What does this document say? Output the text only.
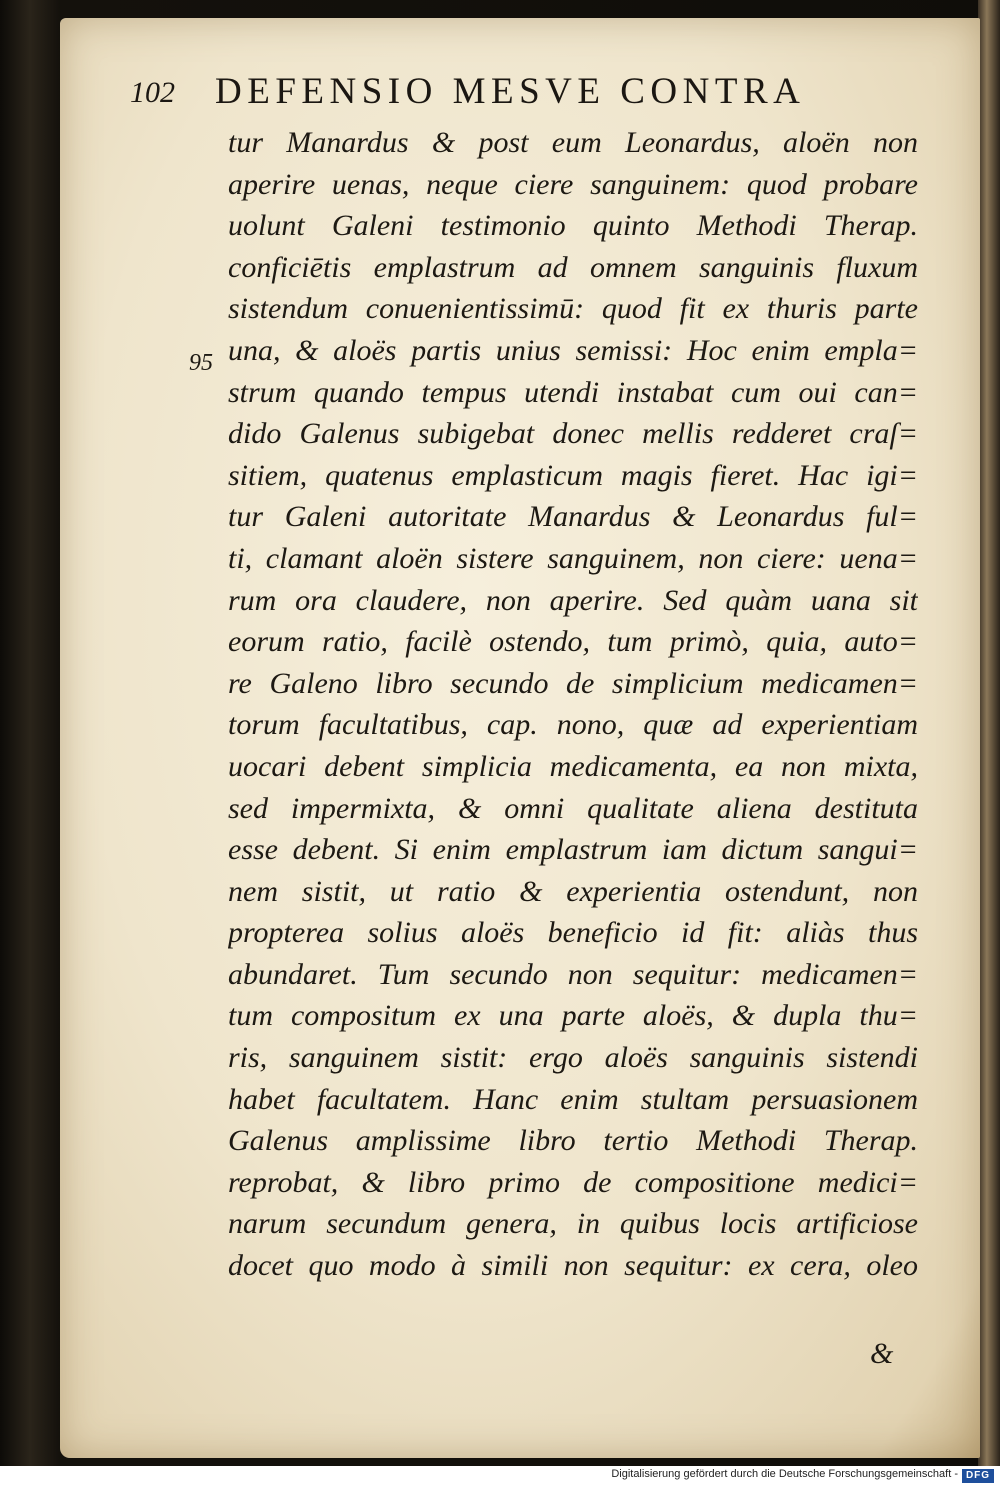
102 DEFENSIO MESVE CONTRA
95
tur Manardus & post eum Leonardus, aloën non
aperire uenas, neque ciere sanguinem: quod probare
uolunt Galeni testimonio quinto Methodi Therap.
conficiētis emplastrum ad omnem sanguinis fluxum
sistendum conuenientissimū: quod fit ex thuris parte
una, & aloës partis unius semissi: Hoc enim empla=
strum quando tempus utendi instabat cum oui can=
dido Galenus subigebat donec mellis redderet craſ=
sitiem, quatenus emplasticum magis fieret. Hac igi=
tur Galeni autoritate Manardus & Leonardus ful=
ti, clamant aloën sistere sanguinem, non ciere: uena=
rum ora claudere, non aperire. Sed quàm uana sit
eorum ratio, facilè ostendo, tum primò, quia, auto=
re Galeno libro secundo de simplicium medicamen=
torum facultatibus, cap. nono, quæ ad experientiam
uocari debent simplicia medicamenta, ea non mixta,
sed impermixta, & omni qualitate aliena destituta
esse debent. Si enim emplastrum iam dictum sangui=
nem sistit, ut ratio & experientia ostendunt, non
propterea solius aloës beneficio id fit: aliàs thus
abundaret. Tum secundo non sequitur: medicamen=
tum compositum ex una parte aloës, & dupla thu=
ris, sanguinem sistit: ergo aloës sanguinis sistendi
habet facultatem. Hanc enim stultam persuasionem
Galenus amplissime libro tertio Methodi Therap.
reprobat, & libro primo de compositione medici=
narum secundum genera, in quibus locis artificiose
docet quo modo à simili non sequitur: ex cera, oleo
&
Digitalisierung gefördert durch die Deutsche Forschungsgemeinschaft - DFG
